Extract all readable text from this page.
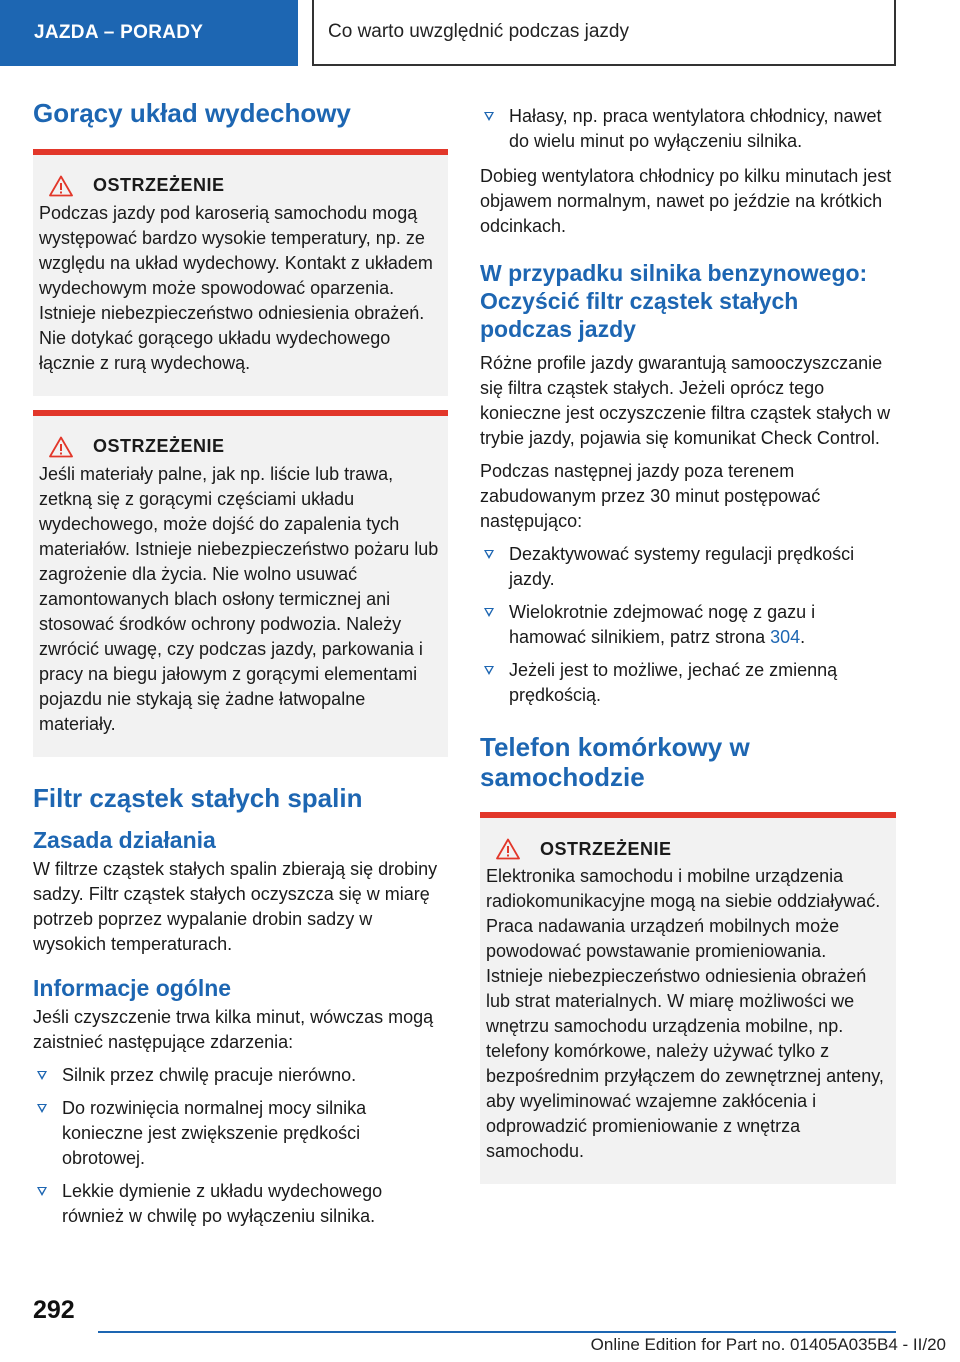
JAZDA – PORADY	Co warto uwzględnić podczas jazdy
Gorący układ wydechowy
OSTRZEŻENIE

Podczas jazdy pod karoserią samochodu mogą występować bardzo wysokie temperatury, np. ze względu na układ wydechowy. Kontakt z układem wydechowym może spowodować oparzenia. Istnieje niebezpieczeństwo odniesienia obrażeń. Nie dotykać gorącego układu wydechowego łącznie z rurą wydechową.

OSTRZEŻENIE

Jeśli materiały palne, jak np. liście lub trawa, zetkną się z gorącymi częściami układu wydechowego, może dojść do zapalenia tych materiałów. Istnieje niebezpieczeństwo pożaru lub zagrożenie dla życia. Nie wolno usuwać zamontowanych blach osłony termicznej ani stosować środków ochrony podwozia. Należy zwrócić uwagę, czy podczas jazdy, parkowania i pracy na biegu jałowym z gorącymi elementami pojazdu nie stykają się żadne łatwopalne materiały.

Filtr cząstek stałych spalin
Zasada działania

W filtrze cząstek stałych spalin zbierają się drobiny sadzy. Filtr cząstek stałych oczyszcza się w miarę potrzeb poprzez wypalanie drobin sadzy w wysokich temperaturach.

Informacje ogólne

Jeśli czyszczenie trwa kilka minut, wówczas mogą zaistnieć następujące zdarzenia:

Silnik przez chwilę pracuje nierówno.
Do rozwinięcia normalnej mocy silnika konieczne jest zwiększenie prędkości obrotowej.
Lekkie dymienie z układu wydechowego również w chwilę po wyłączeniu silnika.
Hałasy, np. praca wentylatora chłodnicy, nawet do wielu minut po wyłączeniu silnika.

Dobieg wentylatora chłodnicy po kilku minutach jest objawem normalnym, nawet po jeździe na krótkich odcinkach.

W przypadku silnika benzynowego: Oczyścić filtr cząstek stałych podczas jazdy

Różne profile jazdy gwarantują samooczyszczanie się filtra cząstek stałych. Jeżeli oprócz tego konieczne jest oczyszczenie filtra cząstek stałych w trybie jazdy, pojawia się komunikat Check Control.

Podczas następnej jazdy poza terenem zabudowanym przez 30 minut postępować następująco:

Dezaktywować systemy regulacji prędkości jazdy.
Wielokrotnie zdejmować nogę z gazu i hamować silnikiem, patrz strona 304.
Jeżeli jest to możliwe, jechać ze zmienną prędkością.
Telefon komórkowy w samochodzie
OSTRZEŻENIE

Elektronika samochodu i mobilne urządzenia radiokomunikacyjne mogą na siebie oddziaływać. Praca nadawania urządzeń mobilnych może powodować powstawanie promieniowania. Istnieje niebezpieczeństwo odniesienia obrażeń lub strat materialnych. W miarę możliwości we wnętrzu samochodu urządzenia mobilne, np. telefony komórkowe, należy używać tylko z bezpośrednim przyłączem do zewnętrznej anteny, aby wyeliminować wzajemne zakłócenia i odprowadzić promieniowanie z wnętrza samochodu.

292
Online Edition for Part no. 01405A035B4 - II/20
